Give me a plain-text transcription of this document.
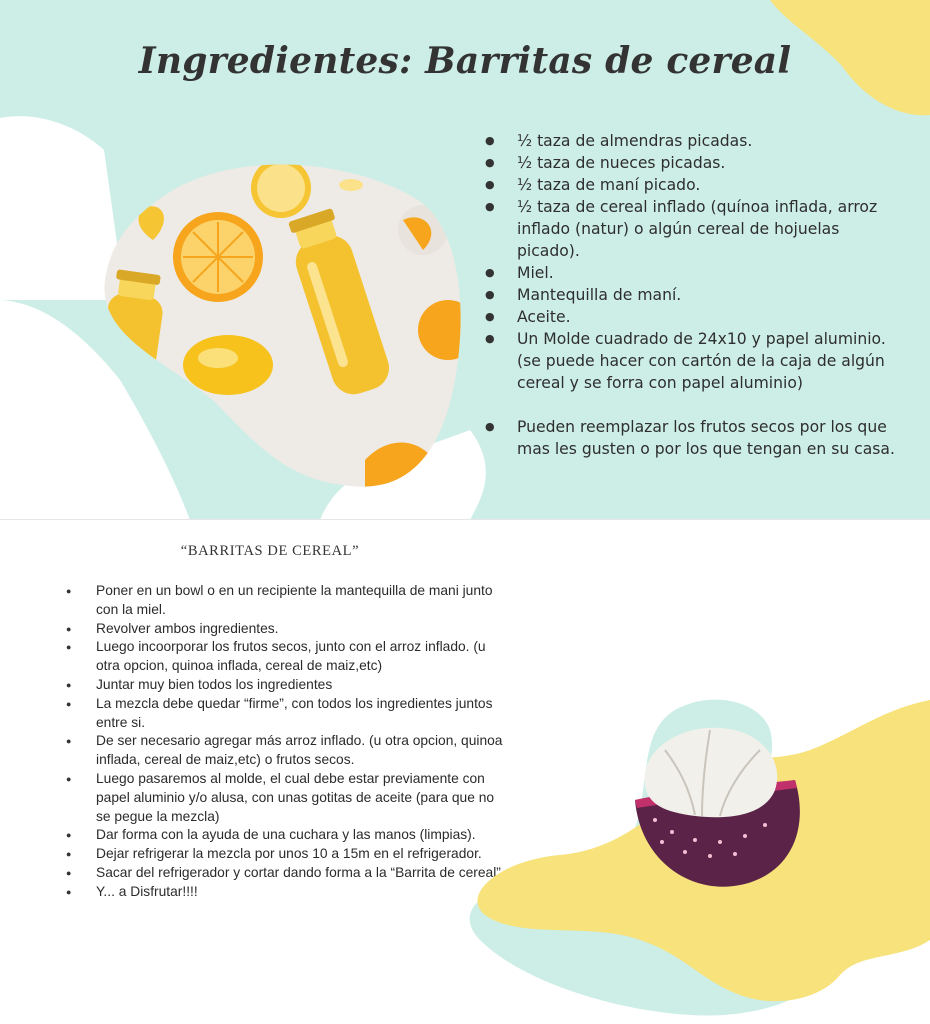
Ingredientes: Barritas de cereal
● ½ taza de almendras picadas.
● ½ taza de nueces picadas.
● ½ taza de maní picado.
● ½ taza de cereal inflado (quínoa inflada, arroz inflado (natur) o algún cereal de hojuelas picado).
● Miel.
● Mantequilla de maní.
● Aceite.
● Un Molde cuadrado de 24x10 y papel aluminio. (se puede hacer con cartón de la caja de algún cereal y se forra con papel aluminio)
● Pueden reemplazar los frutos secos por los que mas les gusten o por los que tengan en su casa.
“BARRITAS DE CEREAL”
● Poner en un bowl o en un recipiente la mantequilla de mani junto con la miel.
● Revolver ambos ingredientes.
● Luego incoorporar los frutos secos, junto con el arroz inflado. (u otra opcion, quinoa inflada, cereal de maiz,etc)
● Juntar muy bien todos los ingredientes
● La mezcla debe quedar “firme”, con todos los ingredientes juntos entre si.
● De ser necesario agregar más arroz inflado. (u otra opcion, quinoa inflada, cereal de maiz,etc) o frutos secos.
● Luego pasaremos al molde, el cual debe estar previamente con papel aluminio y/o alusa, con unas gotitas de aceite (para que no se pegue la mezcla)
● Dar forma con la ayuda de una cuchara y las manos (limpias).
● Dejar refrigerar la mezcla por unos 10 a 15m en el refrigerador.
● Sacar del refrigerador y cortar dando forma a la “Barrita de cereal”
● Y... a Disfrutar!!!!
